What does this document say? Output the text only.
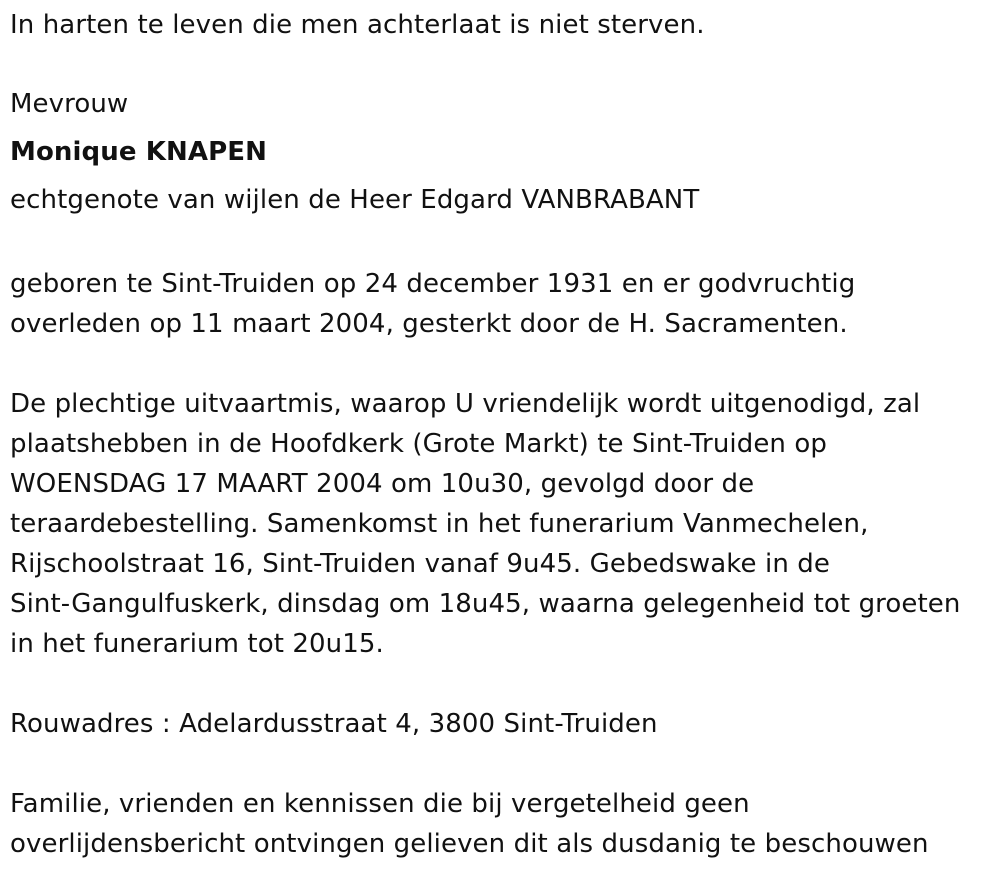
In harten te leven die men achterlaat is niet sterven.

Mevrouw
Monique KNAPEN
echtgenote van wijlen de Heer Edgard VANBRABANT

geboren te Sint-Truiden op 24 december 1931 en er godvruchtig
overleden op 11 maart 2004, gesterkt door de H. Sacramenten.

De plechtige uitvaartmis, waarop U vriendelijk wordt uitgenodigd, zal
plaatshebben in de Hoofdkerk (Grote Markt) te Sint-Truiden op
WOENSDAG 17 MAART 2004 om 10u30, gevolgd door de
teraardebestelling. Samenkomst in het funerarium Vanmechelen,
Rijschoolstraat 16, Sint-Truiden vanaf 9u45. Gebedswake in de
Sint-Gangulfuskerk, dinsdag om 18u45, waarna gelegenheid tot groeten
in het funerarium tot 20u15.

Rouwadres : Adelardusstraat 4, 3800 Sint-Truiden

Familie, vrienden en kennissen die bij vergetelheid geen
overlijdensbericht ontvingen gelieven dit als dusdanig te beschouwen
